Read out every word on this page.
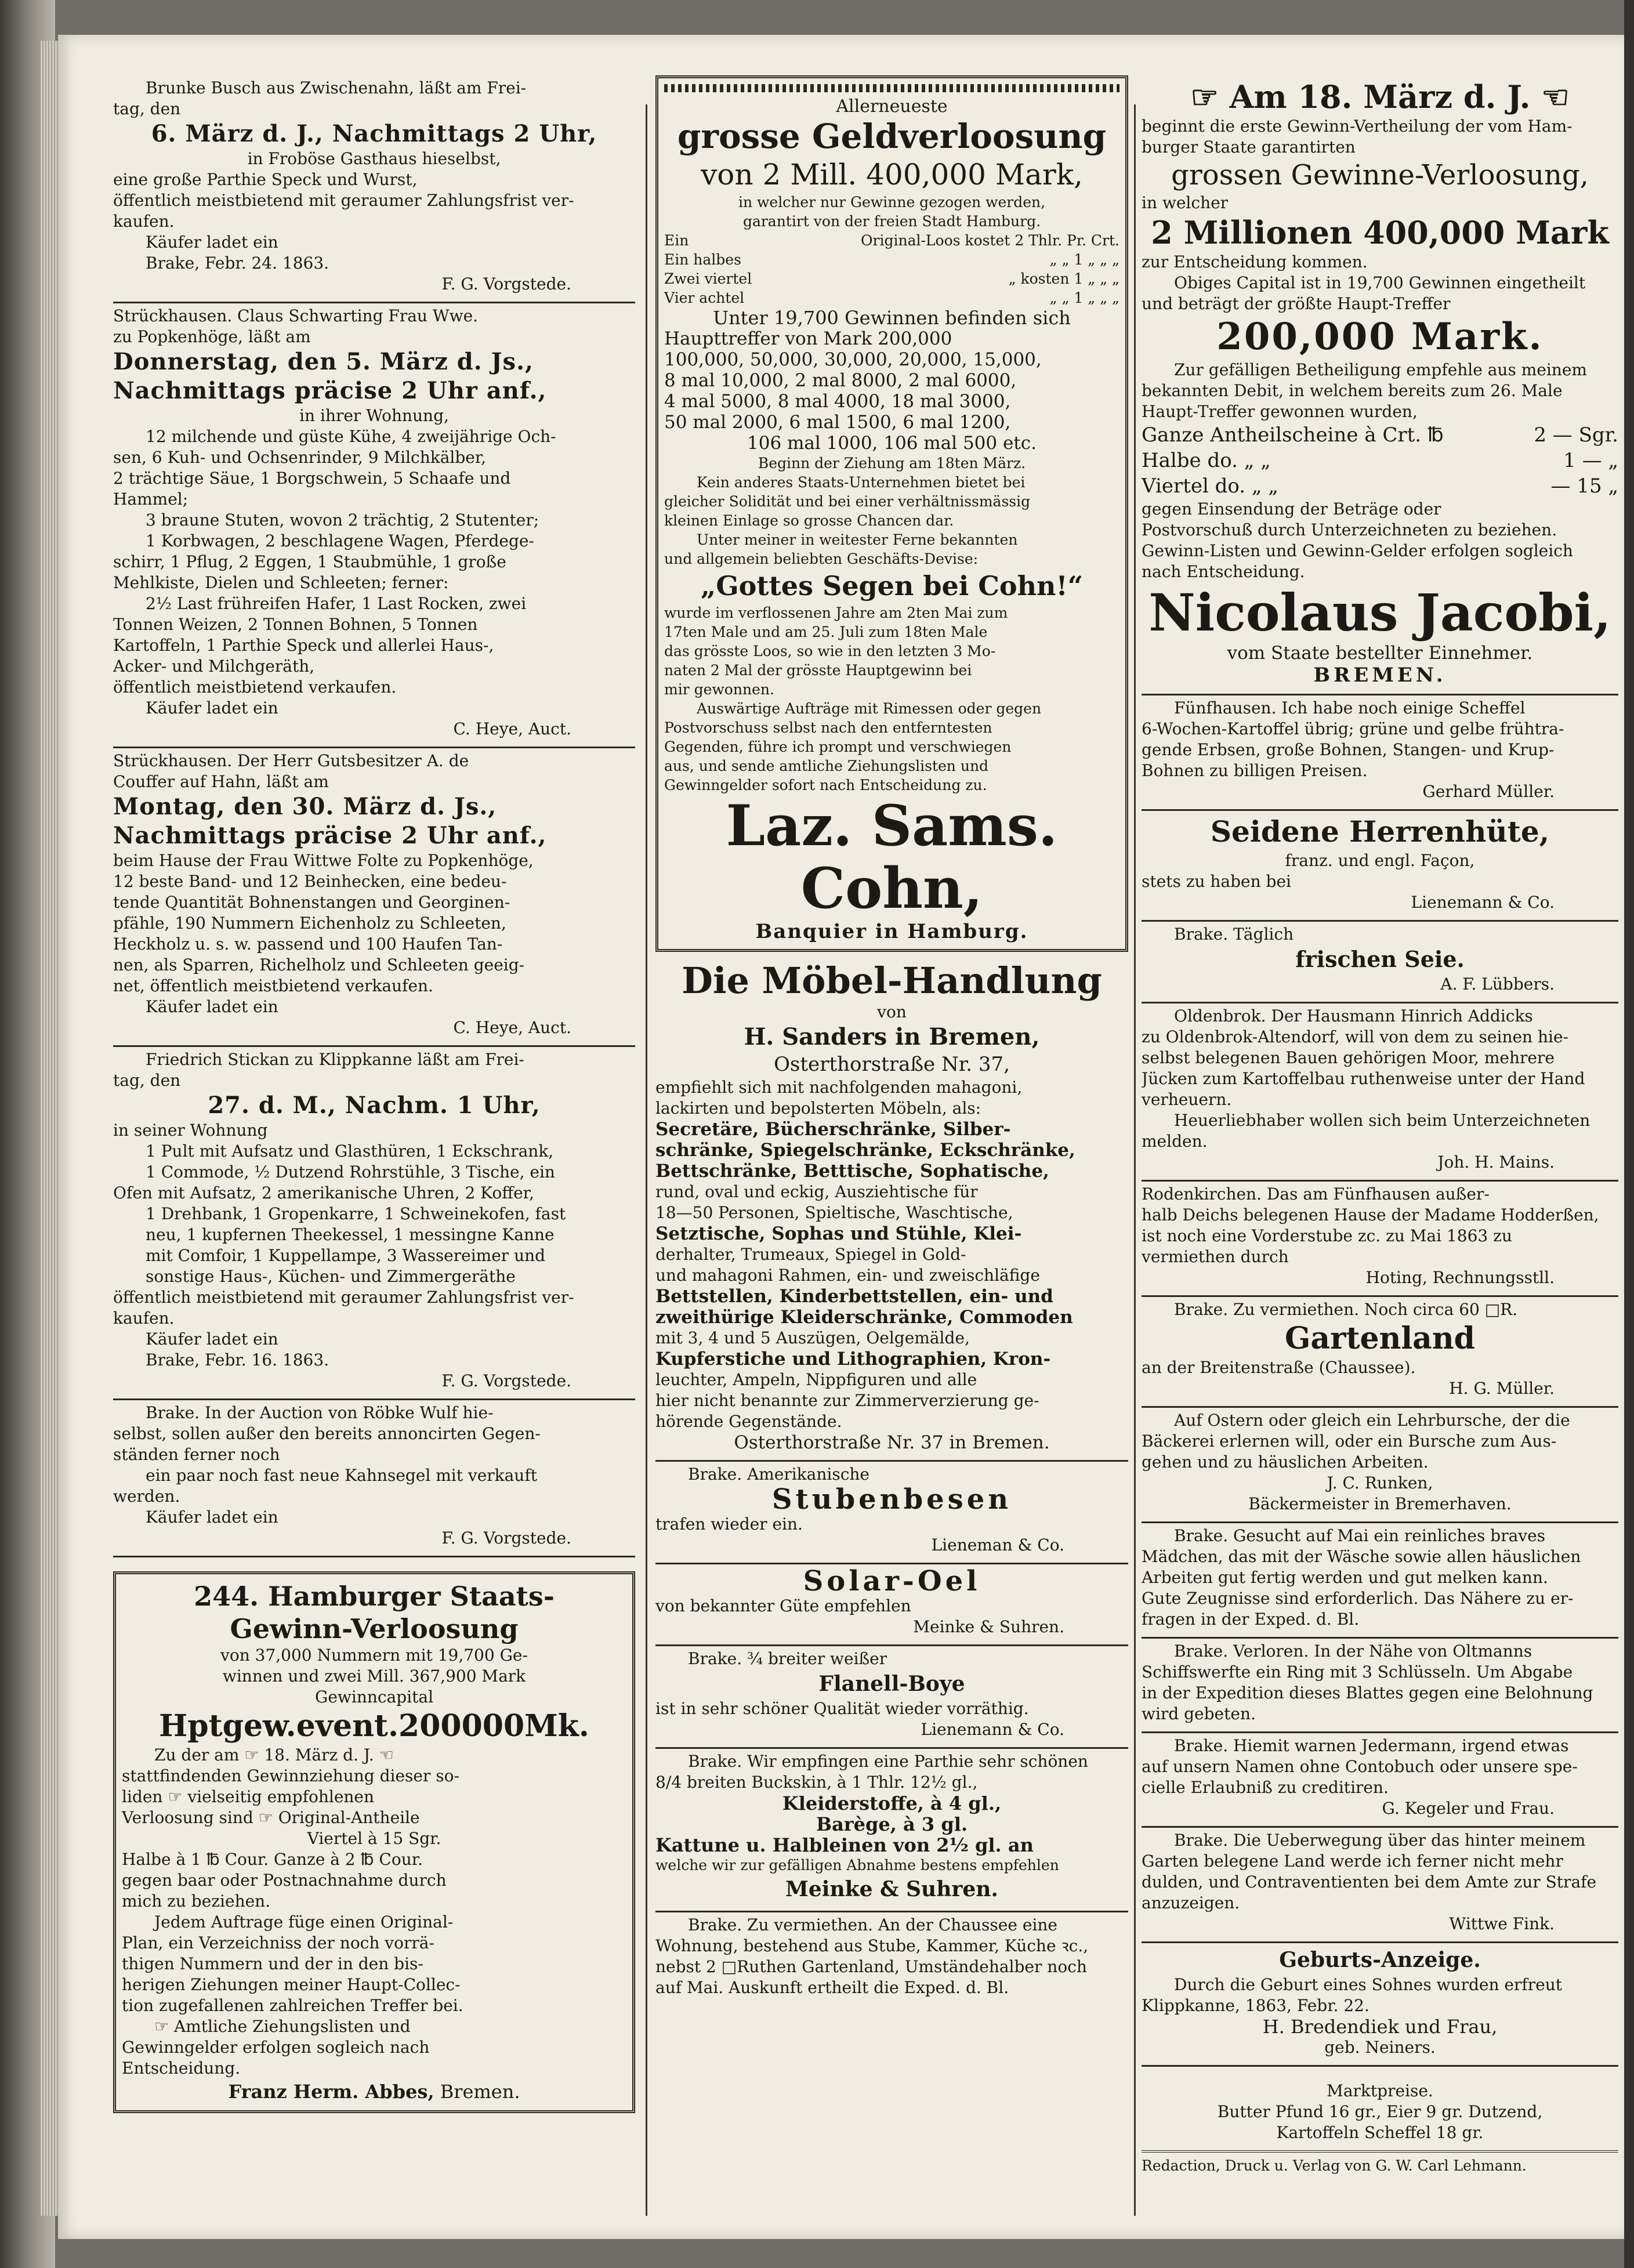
Brunke Busch aus Zwischenahn, läßt am Frei-

tag, den

6. März d. J., Nachmittags 2 Uhr,

in Froböse Gasthaus hieselbst,

eine große Parthie Speck und Wurst,

öffentlich meistbietend mit geraumer Zahlungsfrist ver-

kaufen.

Käufer ladet ein

Brake, Febr. 24. 1863.

F. G. Vorgstede.

Strückhausen. Claus Schwarting Frau Wwe.

zu Popkenhöge, läßt am

Donnerstag, den 5. März d. Js.,

Nachmittags präcise 2 Uhr anf.,

in ihrer Wohnung,

12 milchende und güste Kühe, 4 zweijährige Och-

sen, 6 Kuh- und Ochsenrinder, 9 Milchkälber,

2 trächtige Säue, 1 Borgschwein, 5 Schaafe und

Hammel;

3 braune Stuten, wovon 2 trächtig, 2 Stutenter;

1 Korbwagen, 2 beschlagene Wagen, Pferdege-

schirr, 1 Pflug, 2 Eggen, 1 Staubmühle, 1 große

Mehlkiste, Dielen und Schleeten; ferner:

2½ Last frühreifen Hafer, 1 Last Rocken, zwei

Tonnen Weizen, 2 Tonnen Bohnen, 5 Tonnen

Kartoffeln, 1 Parthie Speck und allerlei Haus-,

Acker- und Milchgeräth,

öffentlich meistbietend verkaufen.

Käufer ladet ein

C. Heye, Auct.

Strückhausen. Der Herr Gutsbesitzer A. de

Couffer auf Hahn, läßt am

Montag, den 30. März d. Js.,

Nachmittags präcise 2 Uhr anf.,

beim Hause der Frau Wittwe Folte zu Popkenhöge,

12 beste Band- und 12 Beinhecken, eine bedeu-

tende Quantität Bohnenstangen und Georginen-

pfähle, 190 Nummern Eichenholz zu Schleeten,

Heckholz u. s. w. passend und 100 Haufen Tan-

nen, als Sparren, Richelholz und Schleeten geeig-

net, öffentlich meistbietend verkaufen.

Käufer ladet ein

C. Heye, Auct.

Friedrich Stickan zu Klippkanne läßt am Frei-

tag, den

27. d. M., Nachm. 1 Uhr,

in seiner Wohnung

1 Pult mit Aufsatz und Glasthüren, 1 Eckschrank,

1 Commode, ½ Dutzend Rohrstühle, 3 Tische, ein

Ofen mit Aufsatz, 2 amerikanische Uhren, 2 Koffer,

1 Drehbank, 1 Gropenkarre, 1 Schweinekofen, fast

neu, 1 kupfernen Theekessel, 1 messingne Kanne

mit Comfoir, 1 Kuppellampe, 3 Wassereimer und

sonstige Haus-, Küchen- und Zimmergeräthe

öffentlich meistbietend mit geraumer Zahlungsfrist ver-

kaufen.

Käufer ladet ein

Brake, Febr. 16. 1863.

F. G. Vorgstede.

Brake. In der Auction von Röbke Wulf hie-

selbst, sollen außer den bereits annoncirten Gegen-

ständen ferner noch

ein paar noch fast neue Kahnsegel mit verkauft

werden.

Käufer ladet ein

F. G. Vorgstede.

244. Hamburger Staats-

Gewinn-Verloosung

von 37,000 Nummern mit 19,700 Ge-

winnen und zwei Mill. 367,900 Mark

Gewinncapital

Hptgew.event.200000Mk.

Zu der am ☞ 18. März d. J. ☜

stattfindenden Gewinnziehung dieser so-

liden ☞ vielseitig empfohlenen

Verloosung sind ☞ Original-Antheile

Viertel à 15 Sgr.

Halbe à 1 ℔ Cour. Ganze à 2 ℔ Cour.

gegen baar oder Postnachnahme durch

mich zu beziehen.

Jedem Auftrage füge einen Original-

Plan, ein Verzeichniss der noch vorrä-

thigen Nummern und der in den bis-

herigen Ziehungen meiner Haupt-Collec-

tion zugefallenen zahlreichen Treffer bei.

☞ Amtliche Ziehungslisten und

Gewinngelder erfolgen sogleich nach

Entscheidung.

Franz Herm. Abbes, Bremen.

Allerneueste

grosse Geldverloosung

von 2 Mill. 400,000 Mark,

in welcher nur Gewinne gezogen werden,

garantirt von der freien Stadt Hamburg.

Ein	Original-Loos kostet 2 Thlr. Pr. Crt.
Ein halbes	„ „ 1 „ „ „
Zwei viertel	„ kosten 1 „ „ „
Vier achtel	„ „ 1 „ „ „

Unter 19,700 Gewinnen befinden sich

Haupttreffer von Mark 200,000

100,000, 50,000, 30,000, 20,000, 15,000,

8 mal 10,000, 2 mal 8000, 2 mal 6000,

4 mal 5000, 8 mal 4000, 18 mal 3000,

50 mal 2000, 6 mal 1500, 6 mal 1200,

106 mal 1000, 106 mal 500 etc.

Beginn der Ziehung am 18ten März.

Kein anderes Staats-Unternehmen bietet bei

gleicher Solidität und bei einer verhältnissmässig

kleinen Einlage so grosse Chancen dar.

Unter meiner in weitester Ferne bekannten

und allgemein beliebten Geschäfts-Devise:

„Gottes Segen bei Cohn!“

wurde im verflossenen Jahre am 2ten Mai zum

17ten Male und am 25. Juli zum 18ten Male

das grösste Loos, so wie in den letzten 3 Mo-

naten 2 Mal der grösste Hauptgewinn bei

mir gewonnen.

Auswärtige Aufträge mit Rimessen oder gegen

Postvorschuss selbst nach den entferntesten

Gegenden, führe ich prompt und verschwiegen

aus, und sende amtliche Ziehungslisten und

Gewinngelder sofort nach Entscheidung zu.

Laz. Sams. Cohn,

Banquier in Hamburg.

Die Möbel-Handlung

von

H. Sanders in Bremen,

Osterthorstraße Nr. 37,

empfiehlt sich mit nachfolgenden mahagoni,

lackirten und bepolsterten Möbeln, als:

Secretäre, Bücherschränke, Silber-

schränke, Spiegelschränke, Eckschränke,

Bettschränke, Betttische, Sophatische,

rund, oval und eckig, Ausziehtische für

18—50 Personen, Spieltische, Waschtische,

Setztische, Sophas und Stühle, Klei-

derhalter, Trumeaux, Spiegel in Gold-

und mahagoni Rahmen, ein- und zweischläfige

Bettstellen, Kinderbettstellen, ein- und

zweithürige Kleiderschränke, Commoden

mit 3, 4 und 5 Auszügen, Oelgemälde,

Kupferstiche und Lithographien, Kron-

leuchter, Ampeln, Nippfiguren und alle

hier nicht benannte zur Zimmerverzierung ge-

hörende Gegenstände.

Osterthorstraße Nr. 37 in Bremen.

Brake. Amerikanische

Stubenbesen

trafen wieder ein.

Lieneman & Co.

Solar-Oel

von bekannter Güte empfehlen

Meinke & Suhren.

Brake. ¾ breiter weißer

Flanell-Boye

ist in sehr schöner Qualität wieder vorräthig.

Lienemann & Co.

Brake. Wir empfingen eine Parthie sehr schönen

8/4 breiten Buckskin, à 1 Thlr. 12½ gl.,

Kleiderstoffe, à 4 gl.,

Barège, à 3 gl.

Kattune u. Halbleinen von 2½ gl. an

welche wir zur gefälligen Abnahme bestens empfehlen

Meinke & Suhren.

Brake. Zu vermiethen. An der Chaussee eine

Wohnung, bestehend aus Stube, Kammer, Küche ꝛc.,

nebst 2 □Ruthen Gartenland, Umständehalber noch

auf Mai. Auskunft ertheilt die Exped. d. Bl.

☞ Am 18. März d. J. ☜

beginnt die erste Gewinn-Vertheilung der vom Ham-

burger Staate garantirten

grossen Gewinne-Verloosung,

in welcher

2 Millionen 400,000 Mark

zur Entscheidung kommen.

Obiges Capital ist in 19,700 Gewinnen eingetheilt

und beträgt der größte Haupt-Treffer

200,000 Mark.

Zur gefälligen Betheiligung empfehle aus meinem

bekannten Debit, in welchem bereits zum 26. Male

Haupt-Treffer gewonnen wurden,

Ganze Antheilscheine à Crt. ℔	2 — Sgr.
Halbe do. „ „	1 — „
Viertel do. „ „	— 15 „

gegen Einsendung der Beträge oder

Postvorschuß durch Unterzeichneten zu beziehen.

Gewinn-Listen und Gewinn-Gelder erfolgen sogleich

nach Entscheidung.

Nicolaus Jacobi,

vom Staate bestellter Einnehmer.

BREMEN.

Fünfhausen. Ich habe noch einige Scheffel

6-Wochen-Kartoffel übrig; grüne und gelbe frühtra-

gende Erbsen, große Bohnen, Stangen- und Krup-

Bohnen zu billigen Preisen.

Gerhard Müller.

Seidene Herrenhüte,

franz. und engl. Façon,

stets zu haben bei

Lienemann & Co.

Brake. Täglich

frischen Seie.

A. F. Lübbers.

Oldenbrok. Der Hausmann Hinrich Addicks

zu Oldenbrok-Altendorf, will von dem zu seinen hie-

selbst belegenen Bauen gehörigen Moor, mehrere

Jücken zum Kartoffelbau ruthenweise unter der Hand

verheuern.

Heuerliebhaber wollen sich beim Unterzeichneten

melden.

Joh. H. Mains.

Rodenkirchen. Das am Fünfhausen außer-

halb Deichs belegenen Hause der Madame Hodderßen,

ist noch eine Vorderstube zc. zu Mai 1863 zu

vermiethen durch

Hoting, Rechnungsstll.

Brake. Zu vermiethen. Noch circa 60 □R.

Gartenland

an der Breitenstraße (Chaussee).

H. G. Müller.

Auf Ostern oder gleich ein Lehrbursche, der die

Bäckerei erlernen will, oder ein Bursche zum Aus-

gehen und zu häuslichen Arbeiten.

J. C. Runken,

Bäckermeister in Bremerhaven.

Brake. Gesucht auf Mai ein reinliches braves

Mädchen, das mit der Wäsche sowie allen häuslichen

Arbeiten gut fertig werden und gut melken kann.

Gute Zeugnisse sind erforderlich. Das Nähere zu er-

fragen in der Exped. d. Bl.

Brake. Verloren. In der Nähe von Oltmanns

Schiffswerfte ein Ring mit 3 Schlüsseln. Um Abgabe

in der Expedition dieses Blattes gegen eine Belohnung

wird gebeten.

Brake. Hiemit warnen Jedermann, irgend etwas

auf unsern Namen ohne Contobuch oder unsere spe-

cielle Erlaubniß zu creditiren.

G. Kegeler und Frau.

Brake. Die Ueberwegung über das hinter meinem

Garten belegene Land werde ich ferner nicht mehr

dulden, und Contraventienten bei dem Amte zur Strafe

anzuzeigen.

Wittwe Fink.

Geburts-Anzeige.

Durch die Geburt eines Sohnes wurden erfreut

Klippkanne, 1863, Febr. 22.

H. Bredendiek und Frau,

geb. Neiners.

Marktpreise.

Butter Pfund 16 gr., Eier 9 gr. Dutzend,

Kartoffeln Scheffel 18 gr.

Redaction, Druck u. Verlag von G. W. Carl Lehmann.
